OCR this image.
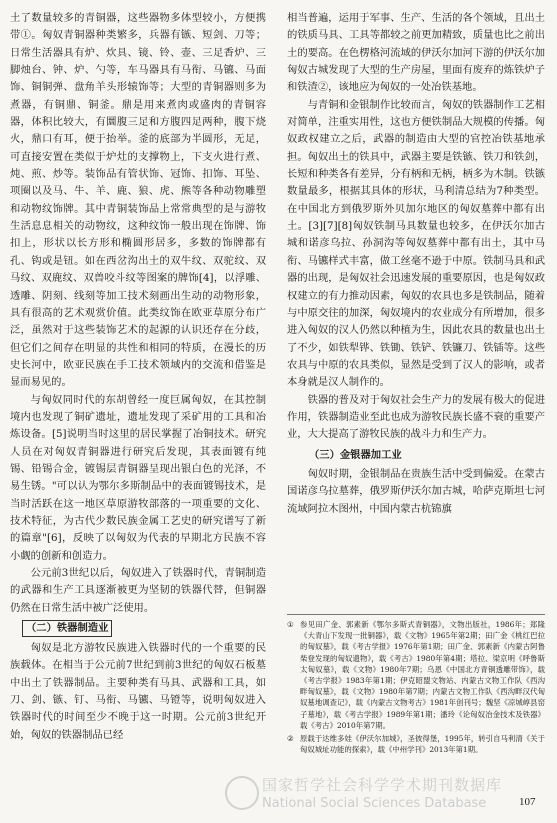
土了数量较多的青铜器，这些器物多体型较小，方便携带①。匈奴青铜器种类繁多，兵器有镞、短剑、刀等；日常生活器具有炉、炊具、镜、铃、壶、三足香炉、三脚烛台、钟、炉、勺等，车马器具有马衔、马镳、马面饰、铜铜弹、盘角羊头形辕饰等；大型的青铜器则多为煮器，有铜鼎、铜釜。鼎是用来煮肉或盛肉的青铜容器，体积比较大，有圜腹三足和方腹四足两种，腹下烧火，鼎口有耳，便于抬举。釜的底部为半圆形，无足，可直接安置在类似于炉灶的支撑物上，下支火进行煮、炖、煎、炒等。装饰品有管状饰、冠饰、扣饰、耳坠、项圈以及马、牛、羊、鹿、狼、虎、熊等各种动物雕塑和动物纹饰牌。其中青铜装饰品上常常典型的是与游牧生活息息相关的动物纹，这种纹饰一般出现在饰牌、饰扣上，形状以长方形和椭圆形居多，多数的饰牌都有孔、钩或是钮。如在西岔沟出土的双牛纹、双驼纹、双马纹、双鹿纹、双兽咬斗纹等图案的牌饰[4]，以浮雕、透雕、阴刻、线刻等加工技术刻画出生动的动物形象，具有很高的艺术观赏价值。此类纹饰在欧亚草原分布广泛，虽然对于这些装饰艺术的起源的认识还存在分歧，但它们之间存在明显的共性和相同的特质，在漫长的历史长河中，欧亚民族在手工技术领域内的交流和借鉴是显而易见的。

与匈奴同时代的东胡曾经一度巨属匈奴，在其控制境内也发现了铜矿遗址，遗址发现了采矿用的工具和冶炼设备。[5]说明当时这里的居民掌握了冶铜技术。研究人员在对匈奴青铜器进行研究后发现，其表面镀有纯锡、铅锡合金，镀锡层青铜器呈现出银白色的光泽，不易生锈。"可以认为鄂尔多斯制品中的表面镀锡技术，是当时活跃在这一地区草原游牧部落的一项重要的文化、技术特征，为古代少数民族金属工艺史的研究谱写了新的篇章"[6]，反映了以匈奴为代表的早期北方民族不容小觑的创新和创造力。

公元前3世纪以后，匈奴进入了铁器时代，青铜制造的武器和生产工具逐渐被更为坚韧的铁器代替，但铜器仍然在日常生活中被广泛使用。

（二）铁器制造业

匈奴是北方游牧民族进入铁器时代的一个重要的民族载体。在相当于公元前7世纪到前3世纪的匈奴石板墓中出土了铁器制品。主要种类有马具、武器和工具，如刀、剑、镞、钉、马衔、马镳、马镫等，说明匈奴进入铁器时代的时间至少不晚于这一时期。公元前3世纪开始，匈奴的铁器制品已经

相当普遍，运用于军事、生产、生活的各个领域，且出土的铁质马具、工具等都较之前更加精致，质量也比之前出土的要高。在色楞格河流域的伊沃尔加河下游的伊沃尔加匈奴古城发现了大型的生产房屋，里面有废弃的炼铁炉子和铁渣②，该地应为匈奴的一处冶铁基地。

与青铜和金银制作比较而言，匈奴的铁器制作工艺相对简单，注重实用性，这也方便铁制品大规模的传播。匈奴政权建立之后，武器的制造由大型的官控冶铁基地承担。匈奴出土的铁具中，武器主要是铁镞、铁刀和铁剑，长短和种类各有差异，分有柄和无柄，柄多为木制。铁镞数量最多，根据其具体的形状，马利清总结为7种类型。在中国北方到俄罗斯外贝加尔地区的匈奴墓葬中都有出土。[3][7][8]匈奴铁制马具数量也较多，在伊沃尔加古城和诺彦乌拉、孙洞沟等匈奴墓葬中都有出土，其中马衔、马镳样式丰富，做工丝毫不逊于中原。铁制马具和武器的出现，是匈奴社会迅速发展的重要原因，也是匈奴政权建立的有力推动因素，匈奴的农具也多是铁制品，随着与中原交往的加深，匈奴境内的农业成分有所增加，很多进入匈奴的汉人仍然以种植为生，因此农具的数量也出土了不少，如铁犁铧、铁锄、铁铲、铁镰刀、铁锸等。这些农具与中原的农具类似，显然是受到了汉人的影响，或者本身就是汉人制作的。

铁器的普及对于匈奴社会生产力的发展有极大的促进作用，铁器制造业至此也成为游牧民族长盛不衰的重要产业，大大提高了游牧民族的战斗力和生产力。

（三）金银器加工业

匈奴时期，金银制品在贵族生活中受到偏爱。在蒙古国诺彦乌拉墓葬，俄罗斯伊沃尔加古城，哈萨克斯坦七河流域阿拉木图州，中国内蒙古杭锦旗

① 参见田广金、郭素新《鄂尔多斯式青铜器》，文物出版社，1986年；郑隆《大青山下发现一批铜器》，载《文物》1965年第2期；田广金《桃红巴拉的匈奴墓》，载《考古学报》1976年第1期；田广金、郭素新《内蒙古阿鲁柴登发现的匈奴遗物》，载《考古》1980年第4期；塔拉、梁京明《呼鲁斯太匈奴墓》，载《文物》1980年7期；乌恩《中国北方青铜透雕带饰》，载《考古学报》1983年第1期；伊克昭盟文物站、内蒙古文物工作队《西沟畔匈奴墓》，载《文物》1980年第7期；内蒙古文物工作队《西沟畔汉代匈奴墓地调查记》，载《内蒙古文物考古》1981年创刊号；魏坚《凉城崞县窑子墓地》，载《考古学报》1989年第1期；潘玲《论匈奴冶金技术及铁器》载《考古》2010年第7期。
② 原载于达维多娃《伊沃尔加城》，圣彼得堡，1995年，转引自马利清《关于匈奴城址功能的探索》，载《中州学刊》2013年第1期。
国家哲学社会科学学术期刊数据库
National Social Sciences Database	107
